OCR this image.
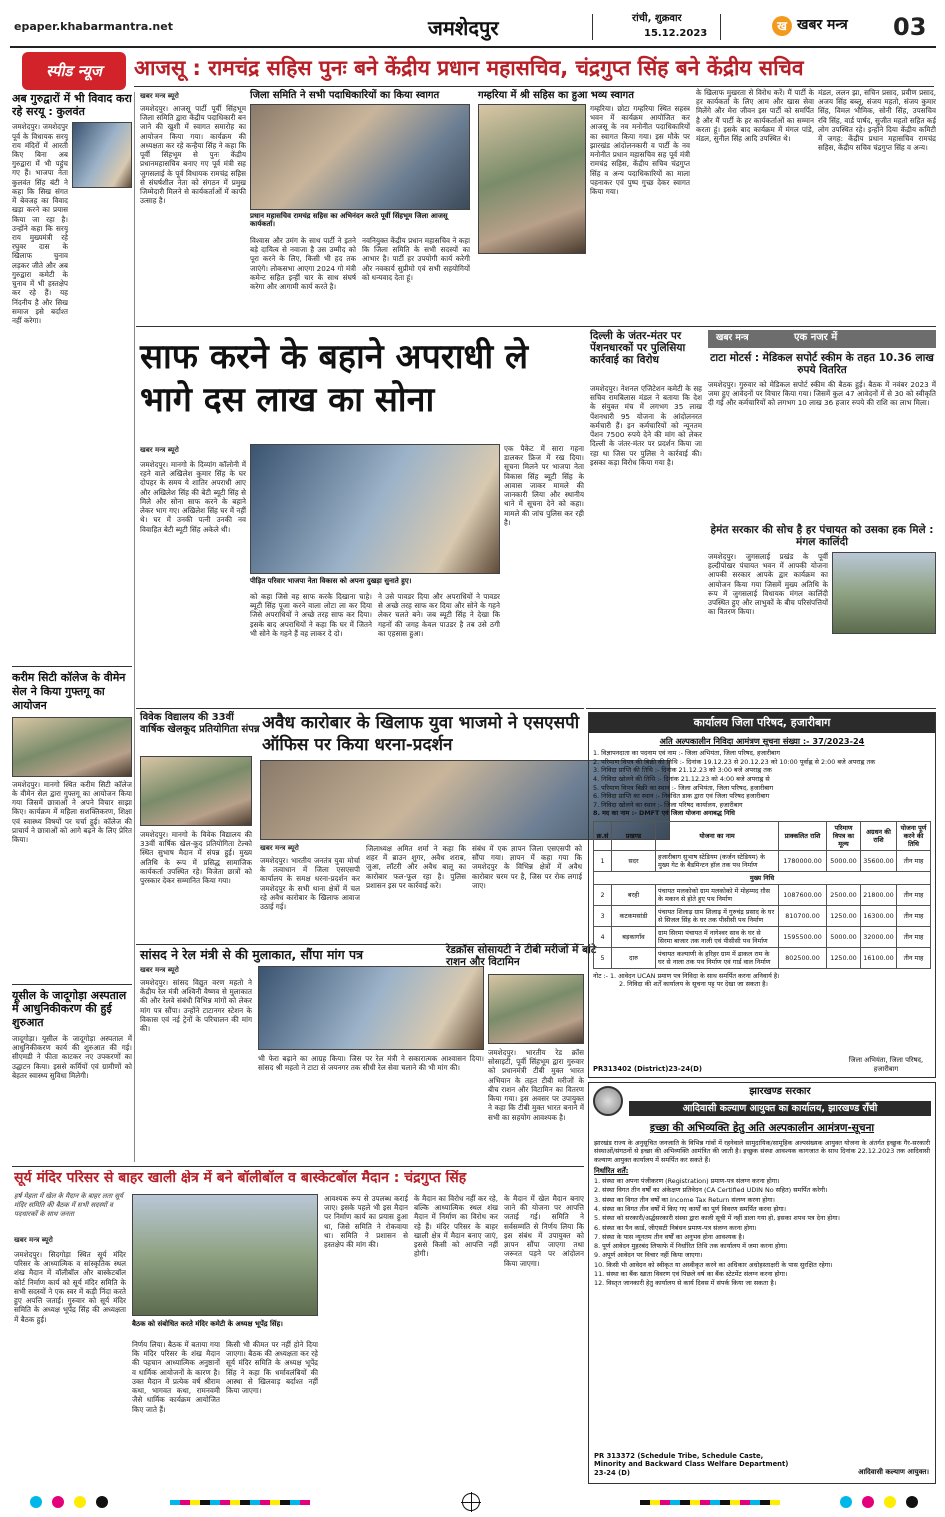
epaper.khabarmantra.net	जमशेदपुर	रांची, शुक्रवार
15.12.2023
ख खबर मन्त्र 03
स्पीड न्यूज	आजसू : रामचंद्र सहिस पुनः बने केंद्रीय प्रधान महासचिव, चंद्रगुप्त सिंह बने केंद्रीय सचिव
अब गुरुद्वारों में भी विवाद करा रहे सरयू : कुलवंत
जमशेदपुर। जमशेदपुर पूर्व के विधायक सरयू राय मंदिरों में आरती किए बिना अब गुरुद्वारा में भी पहुंच गए हैं। भाजपा नेता कुलवंत सिंह बंटी ने कहा कि सिख संगत में बेवजह का विवाद खड़ा करने का प्रयास किया जा रहा है। उन्होंने कहा कि सरयू राय मुख्यमंत्री रहे रघुवर दास के खिलाफ चुनाव लड़कर जीते और अब गुरुद्वारा कमेटी के चुनाव में भी हस्तक्षेप कर रहे हैं। यह निंदनीय है और सिख समाज इसे बर्दाश्त नहीं करेगा।
करीम सिटी कॉलेज के वीमेन सेल ने किया गुफ्तगू का आयोजन
जमशेदपुर। मानगो स्थित करीम सिटी कॉलेज के वीमेन सेल द्वारा गुफ्तगू का आयोजन किया गया जिसमें छात्राओं ने अपने विचार साझा किए। कार्यक्रम में महिला सशक्तिकरण, शिक्षा एवं स्वास्थ्य विषयों पर चर्चा हुई। कॉलेज की प्राचार्य ने छात्राओं को आगे बढ़ने के लिए प्रेरित किया।
यूसील के जादूगोड़ा अस्पताल में आधुनिकीकरण की हुई शुरुआत
जादूगोड़ा। यूसील के जादूगोड़ा अस्पताल में आधुनिकीकरण कार्य की शुरुआत की गई। सीएमडी ने फीता काटकर नए उपकरणों का उद्घाटन किया। इससे कर्मियों एवं ग्रामीणों को बेहतर स्वास्थ्य सुविधा मिलेगी।
जिला समिति ने सभी पदाधिकारियों का किया स्वागत
प्रधान महासचिव रामचंद्र सहिस का अभिनंदन करते पूर्वी सिंहभूम जिला आजसू कार्यकर्ता।
खबर मन्त्र ब्यूरो
जमशेदपुर। आजसू पार्टी पूर्वी सिंहभूम जिला समिति द्वारा केंद्रीय पदाधिकारी बन जाने की खुशी में स्वागत समारोह का आयोजन किया गया। कार्यक्रम की अध्यक्षता कर रहे कन्हैया सिंह ने कहा कि पूर्वी सिंहभूम से पुनः केंद्रीय प्रधानमहासचिव बनाए गए पूर्व मंत्री सह जुगसलाई के पूर्व विधायक रामचंद्र सहिस से संघर्षशील नेता को संगठन में प्रमुख जिम्मेदारी मिलने से कार्यकर्ताओं में काफी उत्साह है।
विश्वास और उमंग के साथ पार्टी ने इतने बड़े दायित्व से नवाजा है उस उम्मीद को पूरा करने के लिए, किसी भी हद तक जाएंगे। लोकसभा आएगा 2024 गो मंत्री कमेन्ट सहित इन्हीं चार के साथ संघर्ष करेगा और आगामी कार्य करते है।
नवनियुक्त केंद्रीय प्रधान महासचिव ने कहा कि जिला समिति के सभी सदस्यों का आभार है। पार्टी हर उपयोगी कार्य करेगी और नवकार्य सुप्रीमो एवं सभी सहयोगियों को धन्यवाद देता हूं।
गम्हरिया में श्री सहिस का हुआ भव्य स्वागत
गम्हरिया। छोटा गम्हरिया स्थित सहस्त्र भवन में कार्यक्रम आयोजित कर आजसू के नव मनोनीत पदाधिकारियों का स्वागत किया गया। इस मौके पर झारखंड आंदोलनकारी व पार्टी के नव मनोनीत प्रधान महासचिव सह पूर्व मंत्री रामचंद्र सहिस, केंद्रीय सचिव चंद्रगुप्त सिंह व अन्य पदाधिकारियों का माला पहनाकर एवं पुष्प गुच्छ देकर स्वागत किया गया।
के खिलाफ मुखरता से विरोध करें। मैं पार्टी के हर कार्यकर्ता के लिए आम और खास सेवा मिलेंगे और मेरा जीवन इस पार्टी को समर्पित है और मैं पार्टी के हर कार्यकर्ताओं का सम्मान करता हूं। इसके बाद कार्यक्रम में मंगल पांडे, मंडल, सुनील सिंह आदि उपस्थित थे।
मंडल, ललन झा, सचिन प्रसाद, प्रवीण प्रसाद, अजय सिंह बब्लू, संजय महतो, संजय कुमार सिंह, विमल भौमिक, सोनी सिंह, उपसचिव रवि सिंह, वार्ड पार्षद, सुजीत महतो सहित कई लोग उपस्थित रहे। इन्होंने दिया केंद्रीय कमिटी में जगह: केंद्रीय प्रधान महासचिव रामचंद्र सहिस, केंद्रीय सचिव चंद्रगुप्त सिंह व अन्य।
साफ करने के बहाने अपराधी ले भागे दस लाख का सोना
खबर मन्त्र ब्यूरो
जमशेदपुर। मानगो के दिव्यांग कॉलोनी में रहने वाले अखिलेश कुमार सिंह के घर दोपहर के समय ये शातिर अपराधी आए और अखिलेश सिंह की बेटी ब्यूटी सिंह से मिले और सोना साफ करने के बहाने लेकर भाग गए। अखिलेश सिंह घर में नहीं थे। घर में उनकी पत्नी उनकी नव विवाहित बेटी ब्यूटी सिंह अकेले थी।
पीड़ित परिवार भाजपा नेता विकास को अपना दुखड़ा सुनाते हुए।
को कहा जिसे वह साफ करके दिखाना चाहे। ब्यूटी सिंह पूजा करने वाला लोटा ला कर दिया जिसे अपराधियों ने अच्छे तरह साफ कर दिया। इसके बाद अपराधियों ने कहा कि घर में जितने भी सोने के गहने हैं वह लाकर दे दो।
ने उसे पावडर दिया और अपराधियों ने पावडर से अच्छे तरह साफ कर दिया और सोने के गहने लेकर चलते बने। जब ब्यूटी सिंह ने देखा कि गहनों की जगह केवल पाउडर है तब उसे ठगी का एहसास हुआ।
एक पैकेट में सारा गहना डालकर फ्रिज में रख दिया। सूचना मिलने पर भाजपा नेता विकास सिंह ब्यूटी सिंह के आवास जाकर मामले की जानकारी लिया और स्थानीय थाने में सूचना देने को कहा। मामले की जांच पुलिस कर रही है।
दिल्ली के जंतर-मंतर पर पेंशनधारकों पर पुलिसिया कार्रवाई का विरोध
जमशेदपुर। नेशनल एजिटेशन कमेटी के सह सचिव रामबिलास मंडल ने बताया कि देश के संयुक्त मंच में लगभग 35 लाख पेंशनधारी 95 योजना के आंदोलनरत कर्मचारी हैं। इन कर्मचारियों को न्यूनतम पेंशन 7500 रुपये देने की मांग को लेकर दिल्ली के जंतर-मंतर पर प्रदर्शन किया जा रहा था जिस पर पुलिस ने कार्रवाई की। इसका कड़ा विरोध किया गया है।
खबर मन्त्र	एक नजर में
टाटा मोटर्स : मेडिकल सपोर्ट स्कीम के तहत 10.36 लाख रुपये वितरित
जमशेदपुर। गुरुवार को मेडिकल सपोर्ट स्कीम की बैठक हुई। बैठक में नवंबर 2023 में जमा हुए आवेदनों पर विचार किया गया। जिसमें कुल 47 आवेदनों में से 30 को स्वीकृति दी गई और कर्मचारियों को लगभग 10 लाख 36 हजार रुपये की राशि का लाभ मिला।
हेमंत सरकार की सोच है हर पंचायत को उसका हक मिले : मंगल कालिंदी
जमशेदपुर। जुगसलाई प्रखंड के पूर्वी हल्दीपोखर पंचायत भवन में आपकी योजना आपकी सरकार आपके द्वार कार्यक्रम का आयोजन किया गया जिसमें मुख्य अतिथि के रूप में जुगसलाई विधायक मंगल कालिंदी उपस्थित हुए और लाभुकों के बीच परिसंपत्तियों का वितरण किया।
विवेक विद्यालय की 33वीं वार्षिक खेलकूद प्रतियोगिता संपन्न
जमशेदपुर। मानगो के विवेक विद्यालय की 33वीं वार्षिक खेल-कूद प्रतियोगिता टेल्को स्थित सुभाष मैदान में संपन्न हुई। मुख्य अतिथि के रूप में प्रसिद्ध सामाजिक कार्यकर्ता उपस्थित रहे। विजेता छात्रों को पुरस्कार देकर सम्मानित किया गया।
अवैध कारोबार के खिलाफ युवा भाजमो ने एसएसपी ऑफिस पर किया धरना-प्रदर्शन
खबर मन्त्र ब्यूरो
जमशेदपुर। भारतीय जनतंत्र युवा मोर्चा के तत्वाधान में जिला एसएसपी कार्यालय के समक्ष धरना-प्रदर्शन कर जमशेदपुर के सभी थाना क्षेत्रों में चल रहे अवैध कारोबार के खिलाफ आवाज उठाई गई।
जिलाध्यक्ष अमित शर्मा ने कहा कि शहर में ब्राउन शुगर, अवैध शराब, जुआ, लॉटरी और अवैध बालू का कारोबार फल-फूल रहा है। पुलिस प्रशासन इस पर कार्रवाई करे।
संबंध में एक ज्ञापन जिला एसएसपी को सौंपा गया। ज्ञापन में कहा गया कि जमशेदपुर के विभिन्न क्षेत्रों में अवैध कारोबार चरम पर है, जिस पर रोक लगाई जाए।
सांसद ने रेल मंत्री से की मुलाकात, सौंपा मांग पत्र
खबर मन्त्र ब्यूरो
जमशेदपुर। सांसद विद्युत वरण महतो ने केंद्रीय रेल मंत्री अश्विनी वैष्णव से मुलाकात की और रेलवे संबंधी विभिन्न मांगों को लेकर मांग पत्र सौंपा। उन्होंने टाटानगर स्टेशन के विकास एवं नई ट्रेनों के परिचालन की मांग की।
भी फेरा बढ़ाने का आग्रह किया। जिस पर रेल मंत्री ने सकारात्मक आश्वासन दिया। सांसद श्री महतो ने टाटा से जयनगर तक सीधी रेल सेवा चलाने की भी मांग की।
रेडक्रॉस सोसायटी ने टीबी मरीजों में बांटे राशन और विटामिन
जमशेदपुर। भारतीय रेड क्रॉस सोसाइटी, पूर्वी सिंहभूम द्वारा गुरुवार को प्रधानमंत्री टीबी मुक्त भारत अभियान के तहत टीबी मरीजों के बीच राशन और विटामिन का वितरण किया गया। इस अवसर पर उपायुक्त ने कहा कि टीबी मुक्त भारत बनाने में सभी का सहयोग आवश्यक है।
कार्यालय जिला परिषद, हजारीबाग
अति अल्पकालीन निविदा आमंत्रण सूचना संख्या :- 37/2023-24
1. विज्ञापनदाता का पदनाम एवं नाम :- जिला अभियंता, जिला परिषद, हजारीबाग
2. परिमाण विपत्र की बिक्री की तिथि :- दिनांक 19.12.23 से 20.12.23 को 10:00 पूर्वाह्न से 2:00 बजे अपराह्न तक
3. निविदा प्राप्ति की तिथि :- दिनांक 21.12.23 को 3:00 बजे अपराह्न तक
4. निविदा खोलने की तिथि :- दिनांक 21.12.23 को 4:00 बजे अपराह्न से
5. परिमाण विपत्र बिक्री का स्थान :- जिला अभियंता, जिला परिषद, हजारीबाग
6. निविदा प्राप्ति का स्थान :- निबंधित डाक द्वारा एवं जिला परिषद हजारीबाग
7. निविदा खोलने का स्थान :- जिला परिषद कार्यालय, हजारीबाग
8. मद का नाम :- DMFT एवं जिला योजना अनाबद्ध निधि
क्र.सं	प्रखण्ड	योजना का नाम	प्राक्कलित राशि	परिमाण विपत्र का मूल्य	अग्रधन की राशि	योजना पूर्ण करने की तिथि
1	सदर	हजारीबाग सुभाष स्टेडियम (कर्जन स्टेडियम) के मुख्य गेट के बैडमिन्टन हॉल तक पथ निर्माण	1780000.00	5000.00	35600.00	तीन माह
मुख्य निधि						
2	बरही	पंचायत मलकोको ग्राम मलकोको में मोहम्मद ग़ौस के मकान से होते हुए पथ निर्माण	1087600.00	2500.00	21800.00	तीन माह
3	कटकमसांडी	पंचायत शिलाढ़ ग्राम शिलाढ़ में गुरुचंद्र प्रसाद के घर से सिजल सिंह के घर तक पीसीसी पथ निर्माण	810700.00	1250.00	16300.00	तीन माह
4	बड़कागाँव	ग्राम सिरमा पंचायत में नागेश्वर साव के घर से सिरमा बाजार तक नाली एवं पीसीसी पथ निर्माण	1595500.00	5000.00	32000.00	तीन माह
5	दारु	पंचायत कल्याणी के हरिहर ग्राम में ढाकल राम के घर से नाला तक पथ निर्माण एवं गार्ड वाल निर्माण	802500.00	1250.00	16100.00	तीन माह
नोट :- 1. आवेदन UCAN प्रमाण पत्र निविदा के साथ समर्पित करना अनिवार्य है।
2. निविदा की शर्तें कार्यालय के सूचना पट्ट पर देखा जा सकता है।
PR313402 (District)23-24(D)
जिला अभियंता, जिला परिषद, हजारीबाग
झारखण्ड सरकार
आदिवासी कल्याण आयुक्त का कार्यालय, झारखण्ड राँची
इच्छा की अभिव्यक्ति हेतु अति अल्पकालीन आमंत्रण-सूचना
झारखंड राज्य के अनुसूचित जनजाति के विभिन्न गांवों में रहनेवाले सामुदायिक/सामूहिक अल्पसंख्यक आयुक्त योजना के अंतर्गत इच्छुक गैर-सरकारी संस्थाओं/संगठनों से इच्छा की अभिव्यक्ति आमंत्रित की जाती है। इच्छुक संस्था आवश्यक कागजात के साथ दिनांक 22.12.2023 तक आदिवासी कल्याण आयुक्त कार्यालय में समर्पित कर सकते हैं।
निर्धारित शर्तें:
1. संस्था का अपना पंजीकरण (Registration) प्रमाण-पत्र संलग्न करना होगा।
2. संस्था विगत तीन वर्षों का अंकेक्षण प्रतिवेदन (CA Certified UDIN No सहित) समर्पित करेगी।
3. संस्था का विगत तीन वर्षों का Income Tax Return संलग्न करना होगा।
4. संस्था का विगत तीन वर्षों में किए गए कार्यों का पूर्ण विवरण समर्पित करना होगा।
5. संस्था को सरकारी/अर्द्धसरकारी संस्था द्वारा काली सूची में नहीं डाला गया हो, इसका शपथ पत्र देना होगा।
6. संस्था का पैन कार्ड, जीएसटी निबंधन प्रमाण-पत्र संलग्न करना होगा।
7. संस्था के पास न्यूनतम तीन वर्षों का अनुभव होना आवश्यक है।
8. पूर्ण आवेदन मुहरबंद लिफाफे में निर्धारित तिथि तक कार्यालय में जमा करना होगा।
9. अपूर्ण आवेदन पर विचार नहीं किया जाएगा।
10. किसी भी आवेदन को स्वीकृत या अस्वीकृत करने का अधिकार अधोहस्ताक्षरी के पास सुरक्षित रहेगा।
11. संस्था का बैंक खाता विवरण एवं पिछले वर्ष का बैंक स्टेटमेंट संलग्न करना होगा।
12. विस्तृत जानकारी हेतु कार्यालय से कार्य दिवस में संपर्क किया जा सकता है।
PR 313372 (Schedule Tribe, Schedule Caste, Minority and Backward Class Welfare Department) 23-24 (D)	आदिवासी कल्याण आयुक्त।
सूर्य मंदिर परिसर से बाहर खाली क्षेत्र में बने बॉलीबॉल व बास्केटबॉल मैदान : चंद्रगुप्त सिंह
हर्ष मेहता में खेल के मैदान के बाहर लता सूर्य मंदिर समिति की बैठक में सभी सदस्यों व पदधारकों के साथ जनता
खबर मन्त्र ब्यूरो
जमशेदपुर। सिदगोड़ा स्थित सूर्य मंदिर परिसर के आध्यात्मिक व सांस्कृतिक स्थल शंख मैदान में वॉलीबॉल और बास्केटबॉल कोर्ट निर्माण कार्य को सूर्य मंदिर समिति के सभी सदस्यों ने एक स्वर में कड़ी निंदा करते हुए अपत्ति जताई। गुरुवार को सूर्य मंदिर समिति के अध्यक्ष भूपेंद्र सिंह की अध्यक्षता में बैठक हुई।
बैठक को संबोधित करते मंदिर कमेटी के अध्यक्ष भूपेंद्र सिंह।
निर्णय लिया। बैठक में बताया गया कि मंदिर परिसर के शंख मैदान की पहचान आध्यात्मिक अनुष्ठानों व धार्मिक आयोजनों के कारण है। उक्त मैदान में प्रत्येक वर्ष श्रीराम कथा, भागवत कथा, रामनवमी जैसे धार्मिक कार्यक्रम आयोजित किए जाते हैं।
किसी भी कीमत पर नहीं होने दिया जाएगा। बैठक की अध्यक्षता कर रहे सूर्य मंदिर समिति के अध्यक्ष भूपेंद्र सिंह ने कहा कि धर्मावलंबियों की आस्था से खिलवाड़ बर्दाश्त नहीं किया जाएगा।
आवश्यक रूप से उपलब्ध कराई जाए। इसके पहले भी इस मैदान पर निर्माण कार्य का प्रयास हुआ था, जिसे समिति ने रोकवाया था। समिति ने प्रशासन से हस्तक्षेप की मांग की।
के मैदान का विरोध नहीं कर रहे, बल्कि आध्यात्मिक स्थल शंख मैदान में निर्माण का विरोध कर रहे हैं। मंदिर परिसर के बाहर खाली क्षेत्र में मैदान बनाए जाएं, इससे किसी को आपत्ति नहीं होगी।
के मैदान में खेल मैदान बनाए जाने की योजना पर आपत्ति जताई गई। समिति ने सर्वसम्मति से निर्णय लिया कि इस संबंध में उपायुक्त को ज्ञापन सौंपा जाएगा तथा जरूरत पड़ने पर आंदोलन किया जाएगा।
